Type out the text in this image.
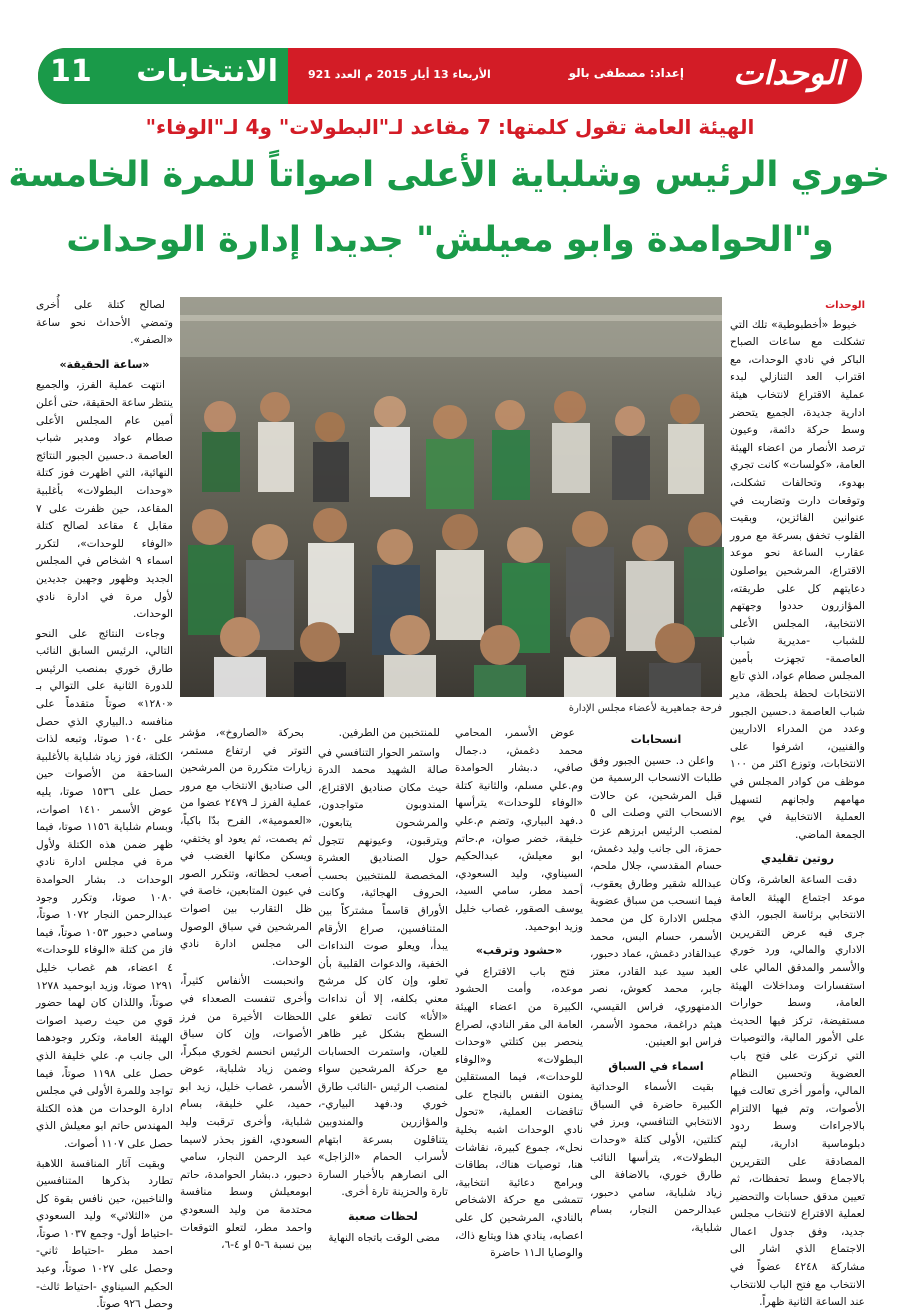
الوحدات
إعداد: مصطفى بالو
الأربعاء 13 أيار 2015 م العدد 921
الانتخابات
11
الهيئة العامة تقول كلمتها: 7 مقاعد لـ"البطولات" و4 لـ"الوفاء"
خوري الرئيس وشلباية الأعلى اصواتاً للمرة الخامسة
و"الحوامدة وابو معيلش" جديدا إدارة الوحدات
فرحة جماهيرية لأعضاء مجلس الإدارة

الوحدات

خيوط «أخطبوطية» تلك التي تشكلت مع ساعات الصباح الباكر في نادي الوحدات، مع اقتراب العد التنازلي لبدء عملية الاقتراع لانتخاب هيئة ادارية جديدة، الجميع يتحضر وسط حركة دائمة، وعيون ترصد الأنصار من اعضاء الهيئة العامة، «كولسات» كانت تجري بهدوء، وتحالفات تشكلت، وتوقعات دارت وتضاربت في عنوانين الفائزين، وبقيت القلوب تخفق بسرعة مع مرور عقارب الساعة نحو موعد الاقتراع، المرشحين يواصلون دعايتهم كل على طريقته، المؤازرون حددوا وجهتهم الانتخابية، المجلس الأعلى للشباب -مديرية شباب العاصمة- تجهزت بأمين المجلس صطام عواد، الذي تابع الانتخابات لحظة بلحظة، مدير شباب العاصمة د.حسين الجبور وعدد من المدراء الاداريين والفنيين، اشرفوا على الانتخابات، وتوزع اكثر من ١٠٠ موظف من كوادر المجلس في مهامهم ولجانهم لتسهيل العملية الانتخابية في يوم الجمعة الماضي.

روتين تقليدي

دقت الساعة العاشرة، وكان موعد اجتماع الهيئة العامة الانتخابي برئاسة الجبور، الذي جرى فيه عرض التقريرين الاداري والمالي، ورد خوري والأسمر والمدقق المالي على استفسارات ومداخلات الهيئة العامة، وسط حوارات مستفيضة، تركز فيها الحديث على الأمور المالية، والتوصيات التي تركزت على فتح باب العضوية وتحسين النظام المالي، وأمور أخرى تعالت فيها الأصوات، وتم فيها الالتزام بالاجراءات وسط ردود دبلوماسية ادارية، ليتم المصادقة على التقريرين بالاجماع وسط تحفظات، ثم تعيين مدقق حسابات والتحضير لعملية الاقتراع لانتخاب مجلس جديد، وفق جدول اعمال الاجتماع الذي اشار الى مشاركة ٤٢٤٨ عضواً في الانتخاب مع فتح الباب للانتخاب عند الساعة الثانية ظهراً.

انسحابات

واعلن د. حسين الجبور وفق طلبات الانسحاب الرسمية من قبل المرشحين، عن حالات الانسحاب التي وصلت الى ٥ لمنصب الرئيس ابرزهم عزت حمزة، الى جانب وليد دغمش، حسام المقدسي، جلال ملحم، عبدالله شقير وطارق يعقوب، فيما انسحب من سباق عضوية مجلس الادارة كل من محمد الأسمر، حسام البس، محمد عبدالقادر دغمش، عماد دحبور، العبد سيد عبد القادر، معتز جابر، محمد كعوش، نصر الدمنهوري، فراس القيسي، هيثم دراغمة، محمود الأسمر، فراس ابو العينين.

اسماء في السباق

بقيت الأسماء الوحداتية الكبيرة حاضرة في السباق الانتخابي التنافسي، وبرز في كتلتين، الأولى كتلة «وحدات البطولات»، يترأسها النائب طارق خوري، بالاضافة الى زياد شلباية، سامي دحبور، عبدالرحمن النجار، بسام شلباية،

عوض الأسمر، المحامي محمد دغمش، د.جمال صافي، د.بشار الحوامدة وم.علي مسلم، والثانية كتلة «الوفاء للوحدات» يترأسها د.فهد البياري، وتضم م.علي خليفة، خضر صوان، م.حاتم ابو معيلش، عبدالحكيم السيناوي، وليد السعودي، أحمد مطر، سامي السيد، يوسف الصقور، غصاب خليل وزيد ابوحميد.

«حشود وترقب»

فتح باب الاقتراع في موعده، وأمت الحشود الكبيرة من اعضاء الهيئة العامة الى مقر النادي، لصراع ينحصر بين كتلتي «وحدات البطولات» و«الوفاء للوحدات»، فيما المستقلين يمنون النفس بالنجاح على تناقضات العملية، «تحول نادي الوحدات اشبه بخلية نحل»، جموع كبيرة، نقاشات هنا، توصيات هناك، بطاقات وبرامج دعائية انتخابية، تتمشى مع حركة الاشخاص بالنادي، المرشحين كل على اعصابه، ينادي هذا ويتابع ذاك، والوصايا الـ١١ حاضرة

للمنتخبين من الطرفين.

واستمر الحوار التنافسي في صالة الشهيد محمد الدرة حيث مكان صناديق الاقتراع، المندوبون متواجدون، والمرشحون يتابعون، ويترقبون، وعيونهم تتجول حول الصناديق العشرة المخصصة للمنتخبين بحسب الحروف الهجائية، وكانت الأوراق قاسماً مشتركاً بين المتنافسين، صراع الأرقام يبدأ، ويعلو صوت النداءات الخفية، والدعوات القلبية بأن تعلو، وإن كان كل مرشح معني بكلفه، إلا أن نداءات «الأنا» كانت تطغو على السطح بشكل غير ظاهر للعيان، واستمرت الحسابات مع حركة المرشحين سواء لمنصب الرئيس -النائب طارق خوري ود.فهد البياري-، والمؤازرين والمندوبين يتناقلون بسرعة ابتهام لأسراب الحمام «الزاجل» الى انصارهم بالأخبار السارة تارة والحزينة تارة أخرى.

لحظات صعبة

مضى الوقت باتجاه النهاية

بحركة «الصاروخ»، مؤشر التوتر في ارتفاع مستمر، زيارات متكررة من المرشحين الى صناديق الانتخاب مع مرور عملية الفرز لـ ٢٤٧٩ عضوا من «العمومية»، الفرح بدّا باكياً، ثم يصمت، ثم يعود او يختفي، ويسكن مكانها الغضب في أصعب لحظاته، وتتكرر الصور في عيون المتابعين، خاصة في ظل التقارب بين اصوات المرشحين في سباق الوصول الى مجلس ادارة نادي الوحدات.

وانحبست الأنفاس كثيراً، وأخرى تنفست الصعداء في اللحظات الأخيرة من فرز الأصوات، وإن كان سباق الرئيس انحسم لخوري مبكراً، وضمن زياد شلباية، عوض الأسمر، غصاب خليل، زيد ابو حميد، علي خليفة، بسام شلباية، وأخرى ترقبت وليد السعودي، الفوز بحذر لاسيما عبد الرحمن النجار، سامي دحبور، د.بشار الحوامدة، حاتم ابومعيلش وسط منافسة محتدمة من وليد السعودي واحمد مطر، لتعلو التوقعات بين نسبة ٦-٥ او ٤-٦،

لصالح كتلة على أُخرى وتمضي الأحداث نحو ساعة «الصفر».

«ساعة الحقيقة»

انتهت عملية الفرز، والجميع ينتظر ساعة الحقيقة، حتى أعلن أمين عام المجلس الأعلى صطام عواد ومدير شباب العاصمة د.حسين الجبور النتائج النهائية، التي اظهرت فوز كتلة «وحدات البطولات» بأغلبية المقاعد، حين ظفرت على ٧ مقابل ٤ مقاعد لصالح كتلة «الوفاء للوحدات»، لتكرر اسماء ٩ اشخاص في المجلس الجديد وظهور وجهين جديدين لأول مرة في ادارة نادي الوحدات.

وجاءت النتائج على النحو التالي، الرئيس السابق النائب طارق خوري بمنصب الرئيس للدورة الثانية على التوالي بـ «١٢٨٠» صوتاً متقدماً على منافسه د.البياري الذي حصل على ١٠٤٠ صوتا، وتبعه لذات الكتلة، فوز زياد شلباية بالأغلبية الساحقة من الأصوات حين حصل على ١٥٣٦ صوتا، يليه عوض الأسمر ١٤١٠ اصوات، وبسام شلباية ١١٥٦ صوتا، فيما ظهر ضمن هذه الكتلة ولأول مرة في مجلس ادارة نادي الوحدات د. بشار الحوامدة ١٠٨٠ صوتا، وتكرر وجود عبدالرحمن النجار ١٠٧٢ صوتاً، وسامي دحبور ١٠٥٣ صوتاً، فيما فاز من كتلة «الوفاء للوحدات» ٤ اعضاء، هم غصاب خليل ١٢٩١ صوتا، وزيد ابوحميد ١٢٧٨ صوتاً، واللذان كان لهما حضور قوي من حيث رصيد اصوات الهيئة العامة، وتكرر وجودهما الى جانب م. علي خليفة الذي حصل على ١١٩٨ صوتاً، فيما تواجد وللمرة الأولى في مجلس ادارة الوحدات من هذه الكتلة المهندس حاتم ابو معيلش الذي حصل على ١١٠٧ أصوات.

وبقيت آثار المنافسة اللاهبة تطارد بذكرها المتنافسين والناخبين، حين نافس بقوة كل من «الثلاثي» وليد السعودي -احتياط أول- وجمع ١٠٣٧ صوتاً، احمد مطر -احتياط ثاني- وحصل على ١٠٢٧ صوتاً، وعبد الحكيم السيناوي -احتياط ثالث- وحصل ٩٢٦ صوتاً.
